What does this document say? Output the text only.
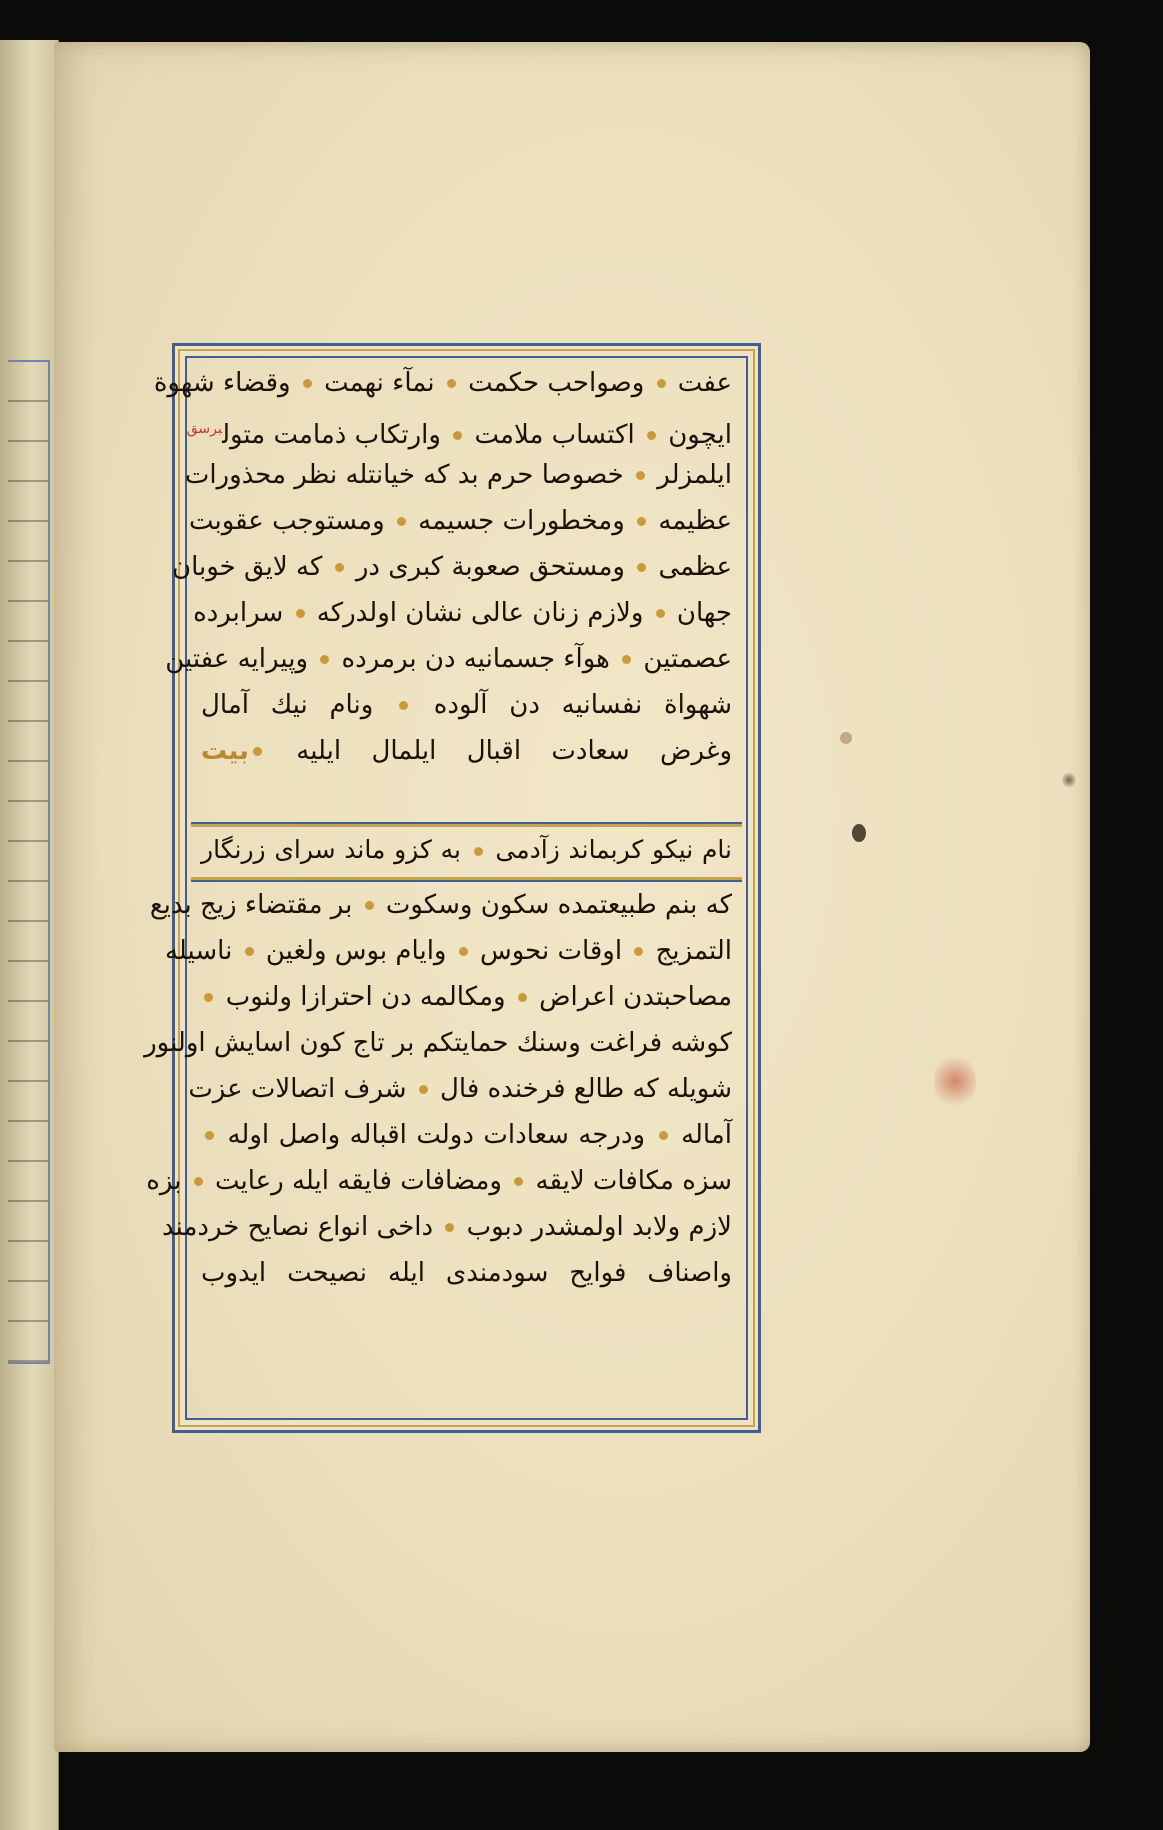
عفت  وصواحب حكمت  نمآء نهمت  وقضاء شهوة
ايچون  اكتساب ملامت  وارتكاب ذمامت متول$^{برسق}$
ايلمزلر  خصوصا حرم بد كه خيانتله نظر محذورات
عظيمه  ومخطورات جسيمه  ومستوجب عقوبت
عظمى  ومستحق صعوبة كبرى در  كه لايق خوبان
جهان  ولازم زنان عالى نشان اولدركه  سرابرده
عصمتين  هوآء جسمانيه دن برمرده  وپيرايه عفتين
شهواة نفسانيه دن آلوده  ونام نيك آمال
وغرض سعادت اقبال ايلمال ايليه بيت
نام نيكو كربماند زآدمى  به كزو ماند سراى زرنگار
كه بنم طبيعتمده سكون وسكوت  بر مقتضاء زيج بديع
التمزيج  اوقات نحوس  وايام بوس ولغين  ناسيله
مصاحبتدن اعراض  ومكالمه دن احترازا ولنوب
كوشه فراغت وسنك حمايتكم بر تاج كون اسايش اولنور
شويله كه طالع فرخنده فال  شرف اتصالات عزت
آماله  ودرجه سعادات دولت اقباله واصل اوله
سزه مكافات لايقه  ومضافات فايقه ايله رعايت  بزه
لازم ولابد اولمشدر دبوب  داخى انواع نصايح خردمند
واصناف فوايح سودمندى ايله نصيحت ايدوب
